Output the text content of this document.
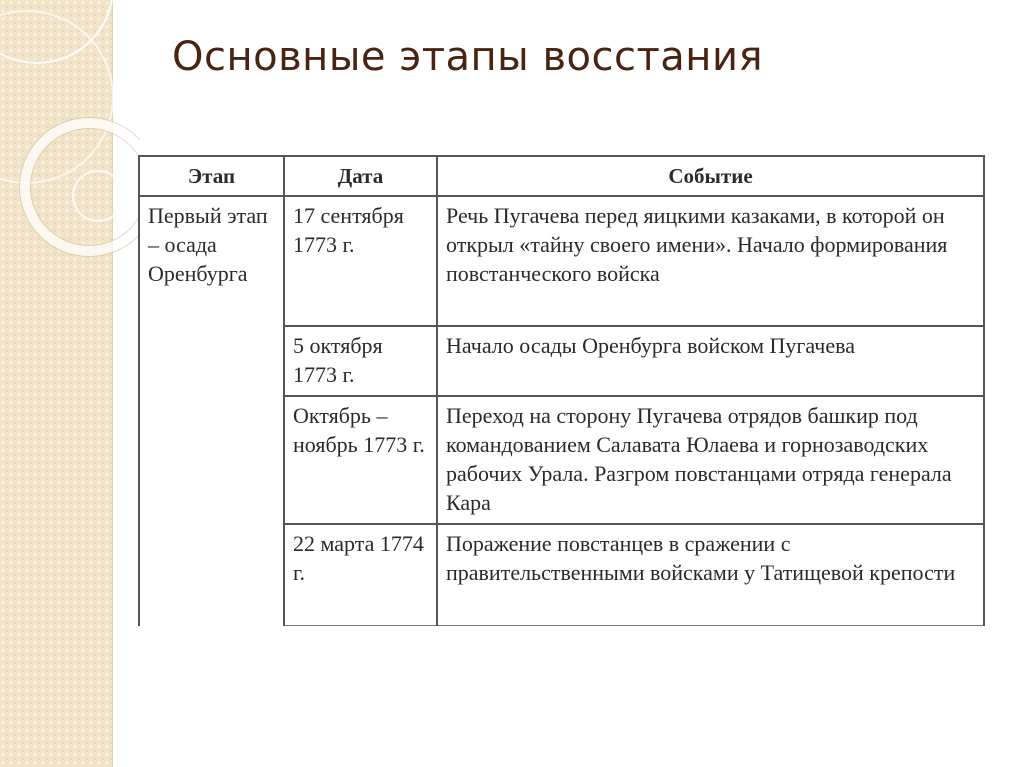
Основные этапы восстания
Этап	Дата	Событие
Первый этап – осада Оренбурга	17 сентября 1773 г.	Речь Пугачева перед яицкими казаками, в которой он открыл «тайну своего имени». Начало формирования повстанческого войска
	5 октября 1773 г.	Начало осады Оренбурга войском Пугачева
	Октябрь – ноябрь 1773 г.	Переход на сторону Пугачева отрядов башкир под командованием Салавата Юлаева и горнозаводских рабочих Урала. Разгром повстанцами отряда генерала Кара
	22 марта 1774 г.	Поражение повстанцев в сражении с правительственными войсками у Татищевой крепости
